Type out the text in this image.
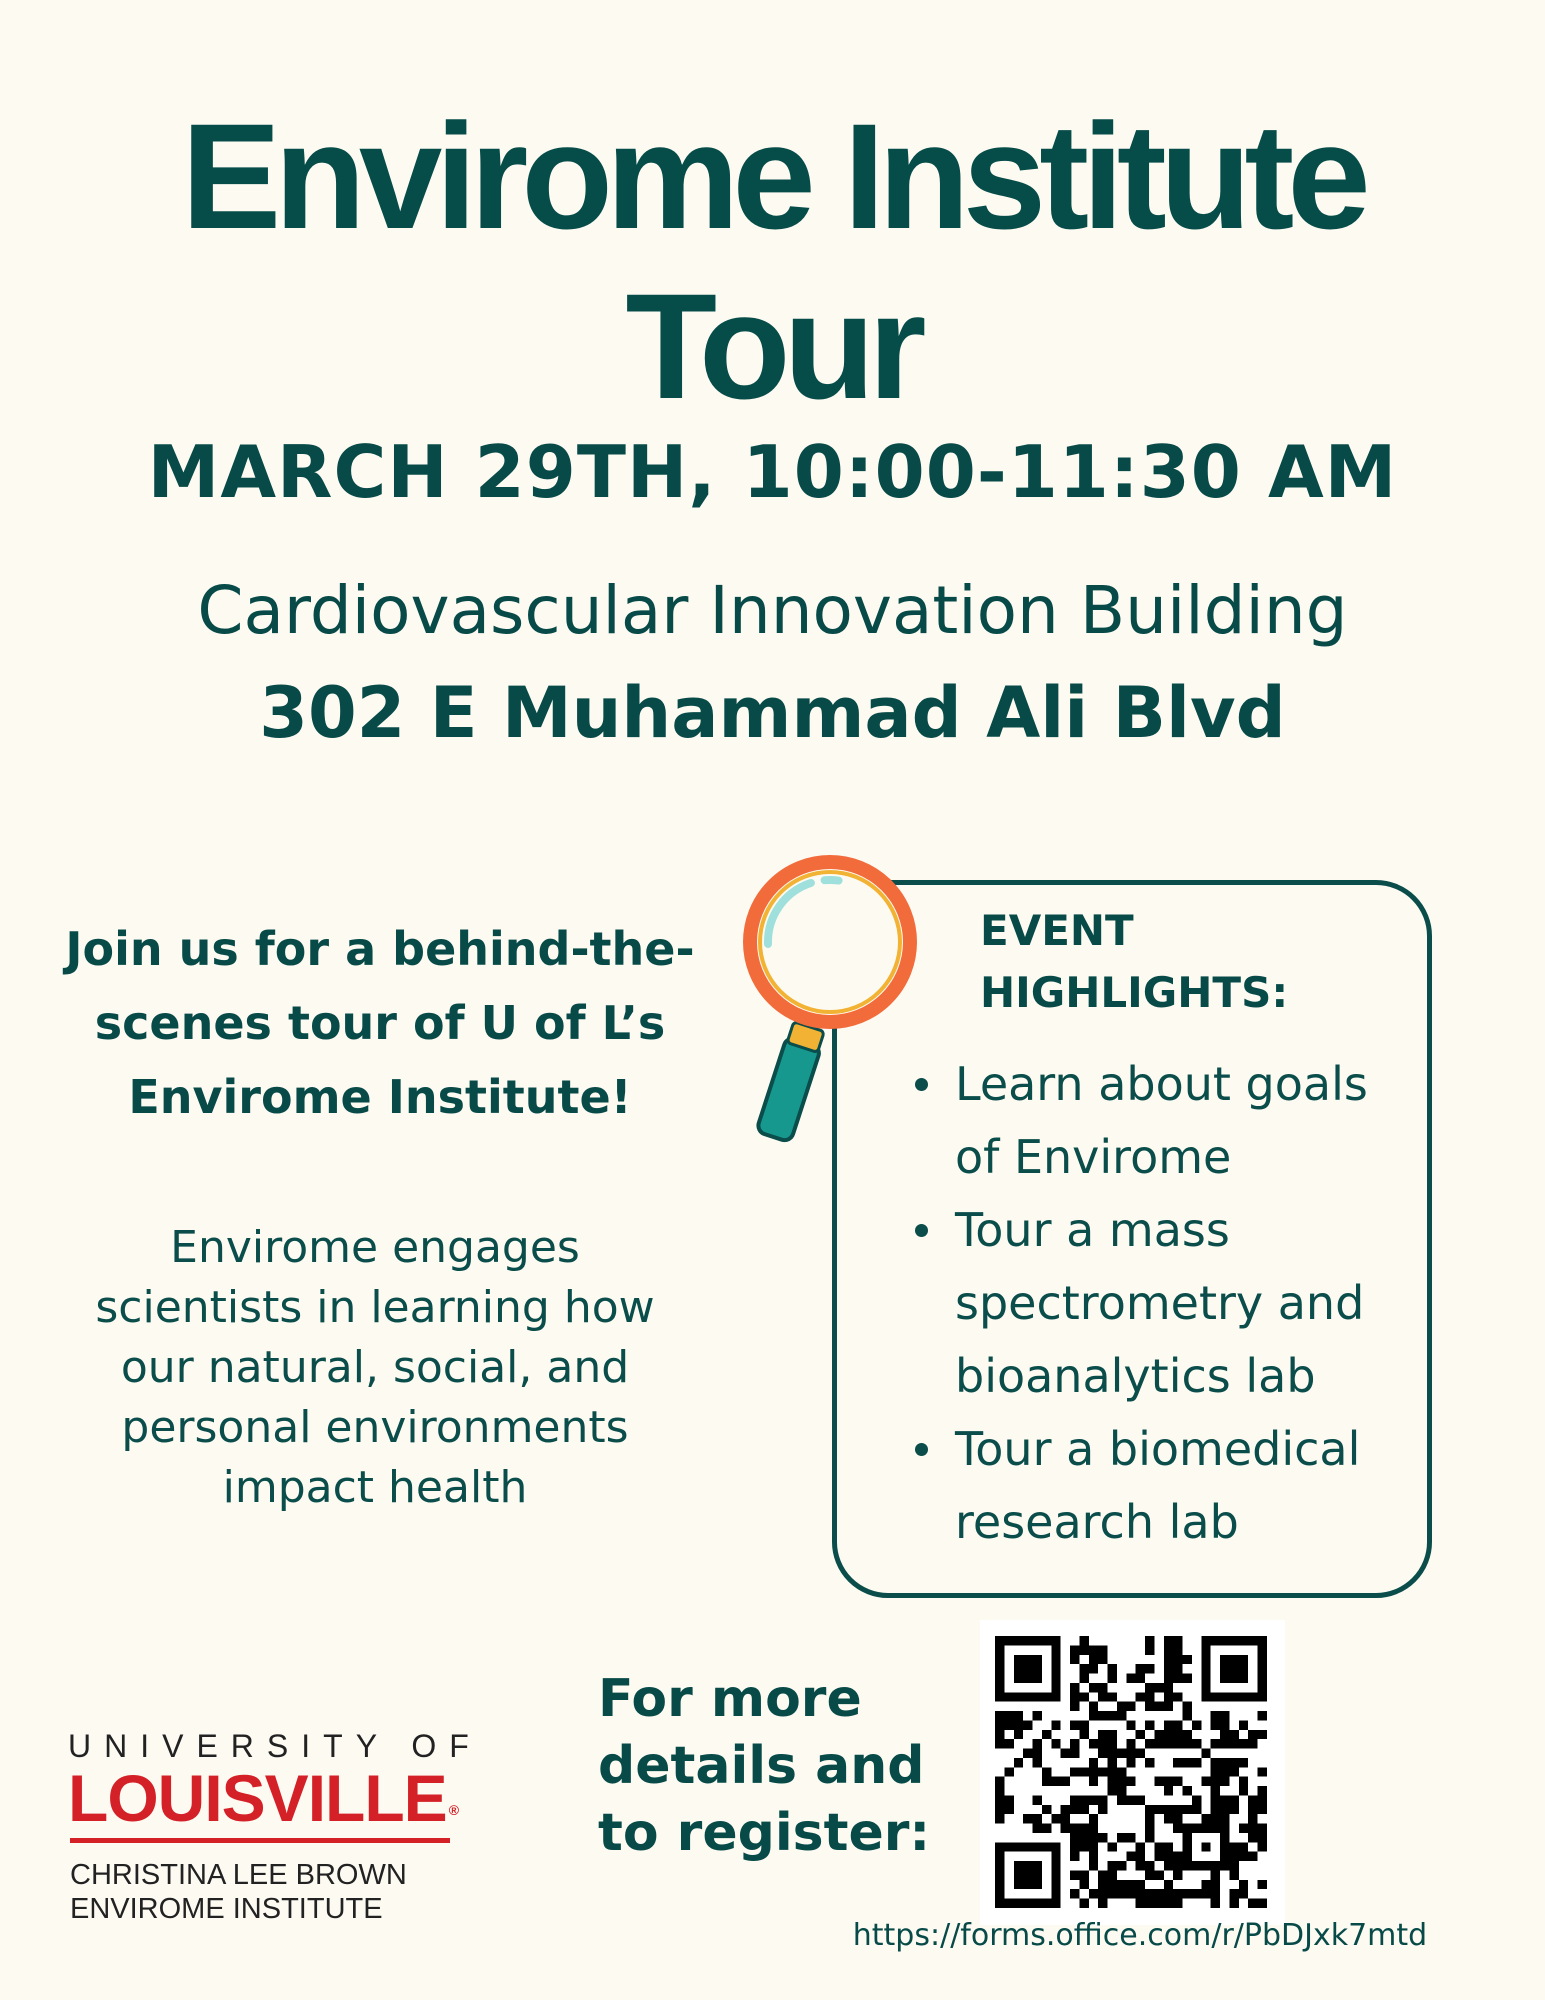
Envirome Institute
Tour
MARCH 29TH, 10:00-11:30 AM
Cardiovascular Innovation Building
302 E Muhammad Ali Blvd
Join us for a behind-the-scenes tour of U of L’s Envirome Institute!
Envirome engages scientists in learning how our natural, social, and personal environments impact health
EVENT HIGHLIGHTS:
Learn about goals of Envirome
Tour a mass spectrometry and bioanalytics lab
Tour a biomedical research lab
For more details and to register:
https://forms.office.com/r/PbDJxk7mtd
UNIVERSITY OF
LOUISVILLE ®
CHRISTINA LEE BROWN
ENVIROME INSTITUTE
